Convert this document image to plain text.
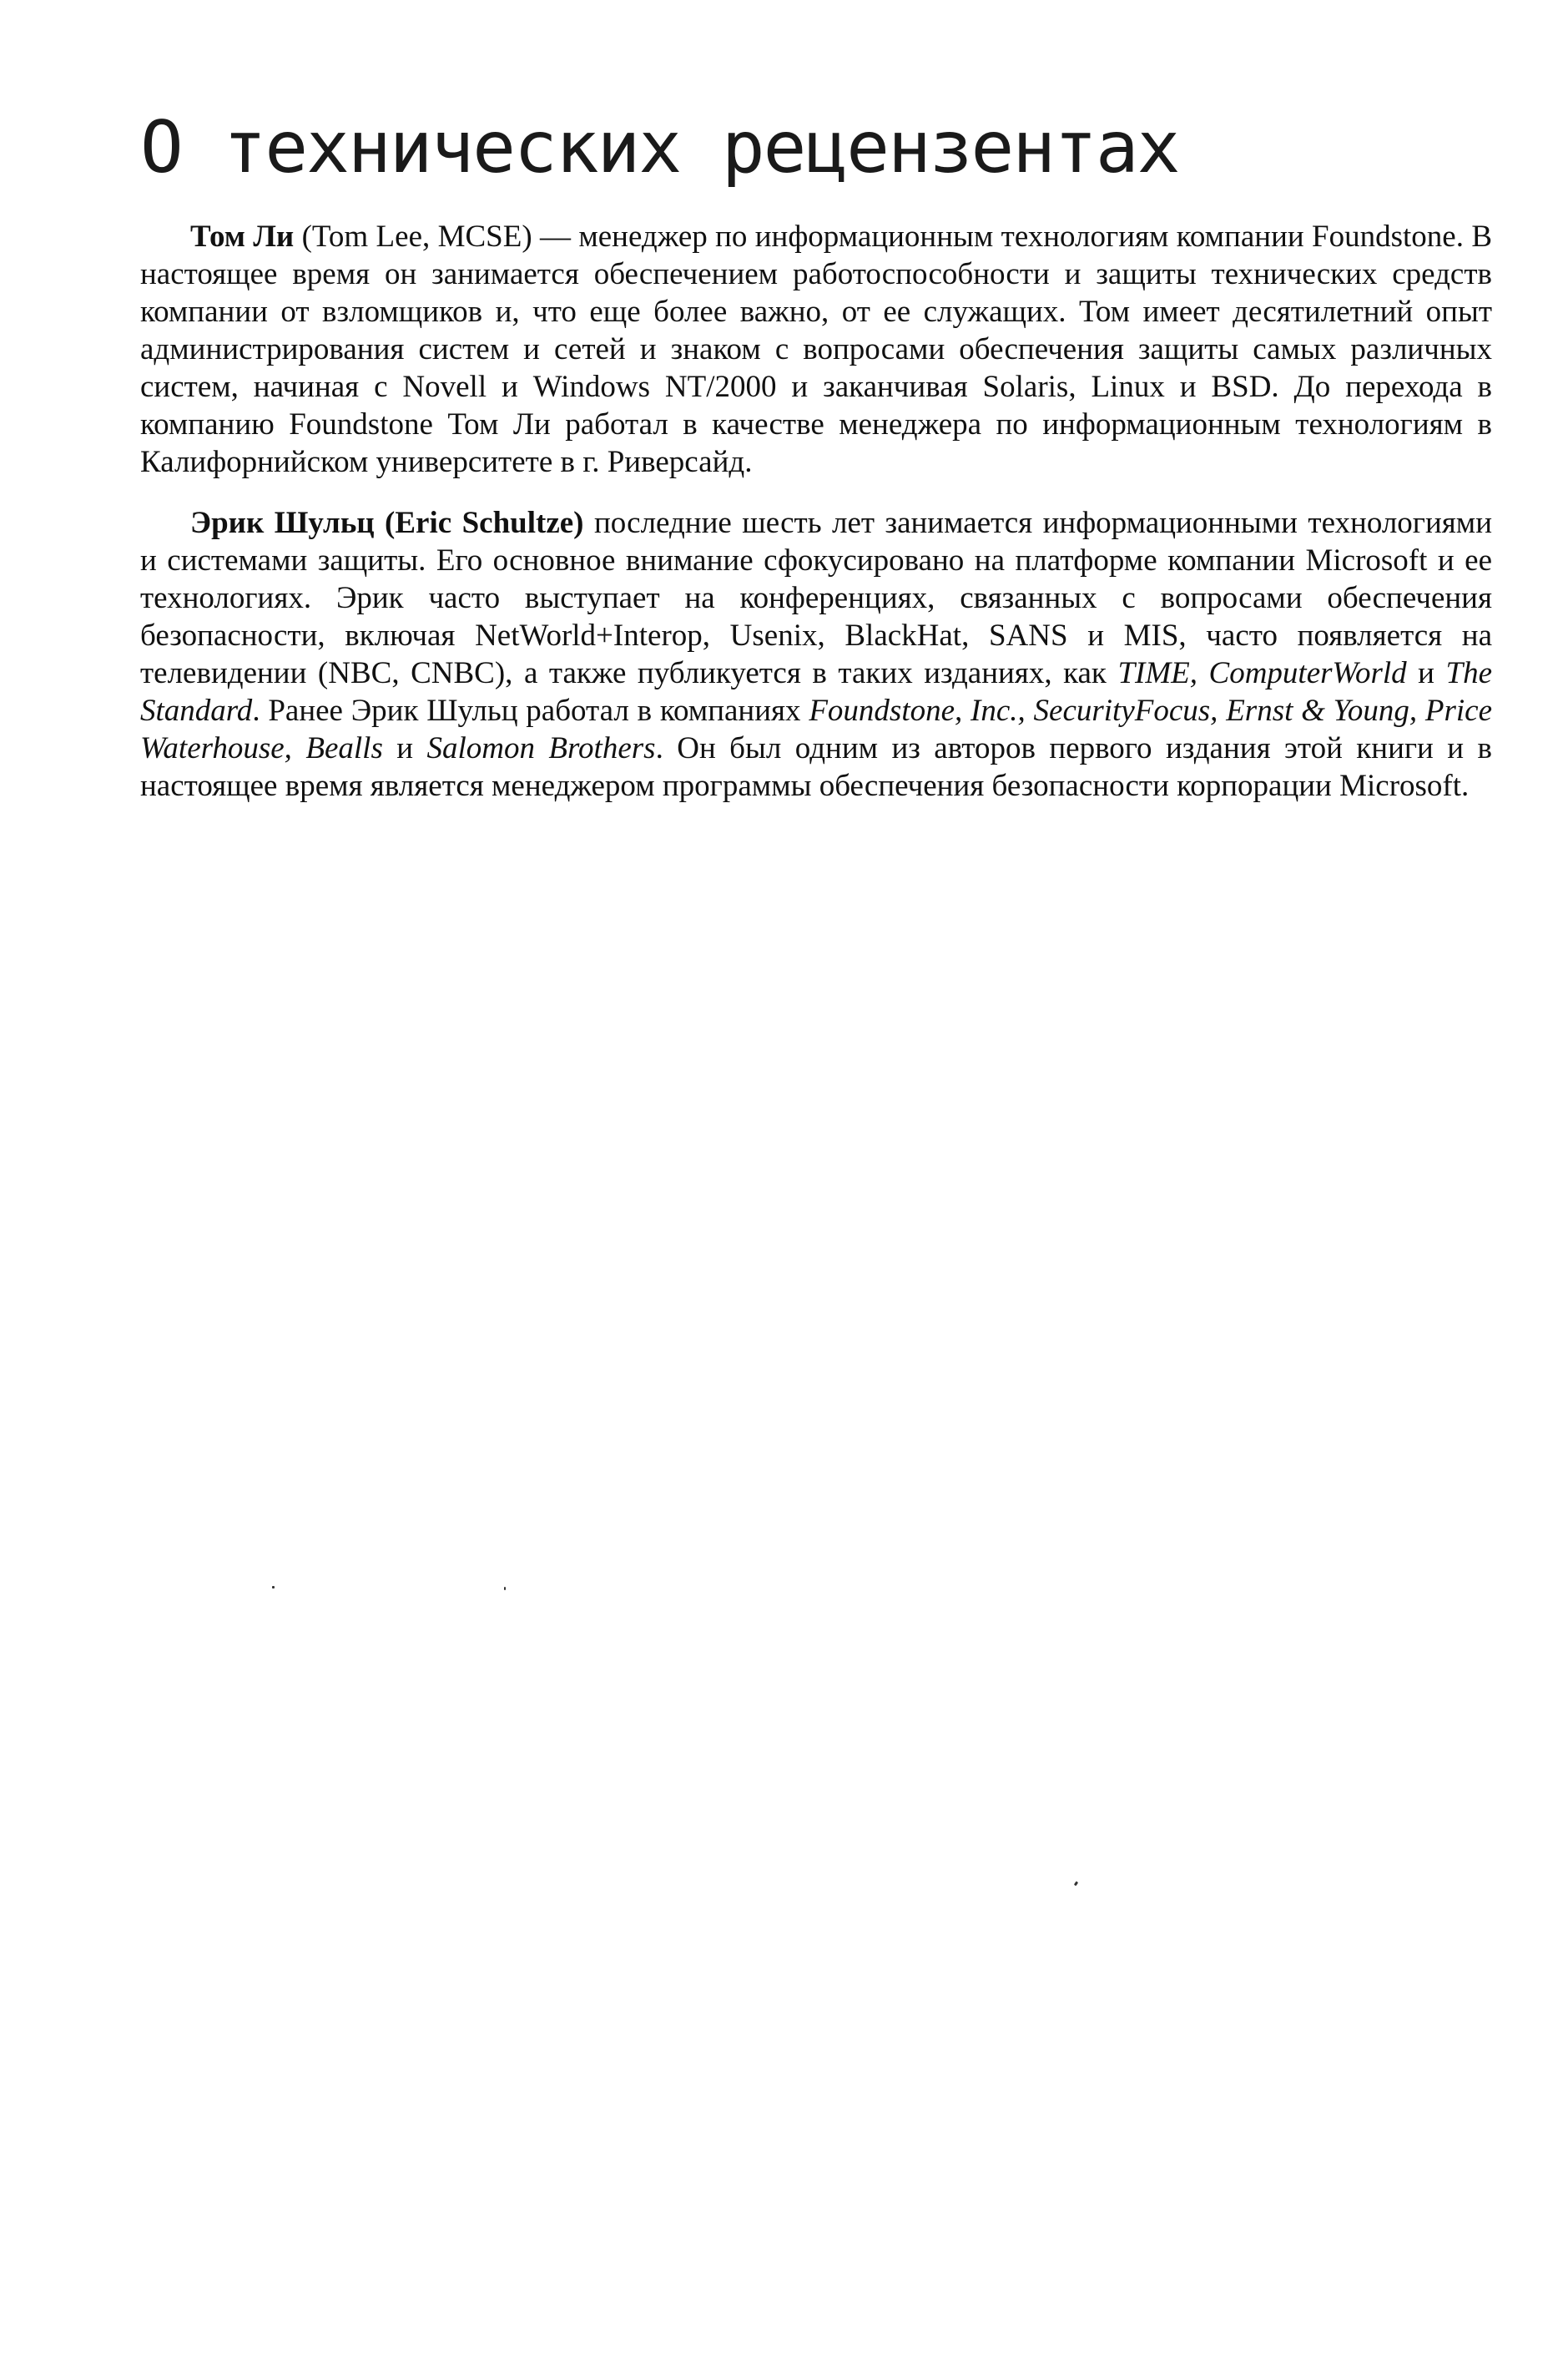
О технических рецензентах

Том Ли (Tom Lee, MCSE) — менеджер по информационным технологиям компании Foundstone. В настоящее время он занимается обеспечением работоспособности и защиты технических средств компании от взломщиков и, что еще более важно, от ее служащих. Том имеет десятилетний опыт администрирования систем и сетей и знаком с вопросами обеспечения защиты самых различных систем, начиная с Novell и Windows NT/2000 и заканчивая Solaris, Linux и BSD. До перехода в компанию Foundstone Том Ли работал в качестве менеджера по информационным технологиям в Калифорнийском университете в г. Риверсайд.

Эрик Шульц (Eric Schultze) последние шесть лет занимается информационными технологиями и системами защиты. Его основное внимание сфокусировано на платформе компании Microsoft и ее технологиях. Эрик часто выступает на конференциях, связанных с вопросами обеспечения безопасности, включая NetWorld+Interop, Usenix, BlackHat, SANS и MIS, часто появляется на телевидении (NBC, CNBC), а также публикуется в таких изданиях, как TIME, ComputerWorld и The Standard. Ранее Эрик Шульц работал в компаниях Foundstone, Inc., SecurityFocus, Ernst & Young, Price Waterhouse, Bealls и Salomon Brothers. Он был одним из авторов первого издания этой книги и в настоящее время является менеджером программы обеспечения безопасности корпорации Microsoft.
